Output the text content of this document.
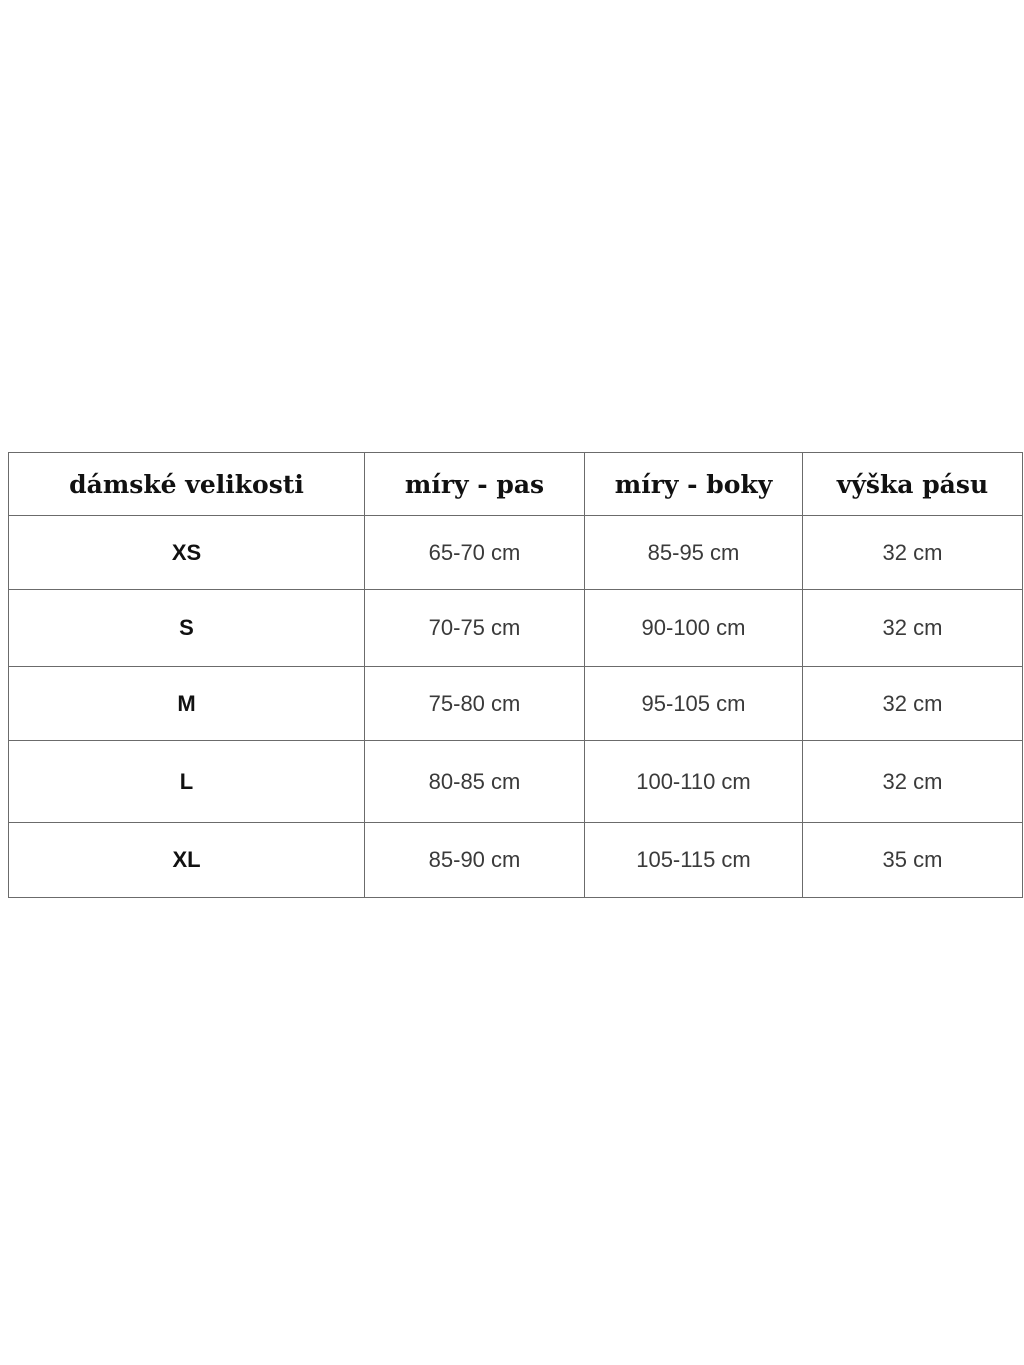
dámské velikosti	míry - pas	míry - boky	výška pásu
XS	65-70 cm	85-95 cm	32 cm
S	70-75 cm	90-100 cm	32 cm
M	75-80 cm	95-105 cm	32 cm
L	80-85 cm	100-110 cm	32 cm
XL	85-90 cm	105-115 cm	35 cm
